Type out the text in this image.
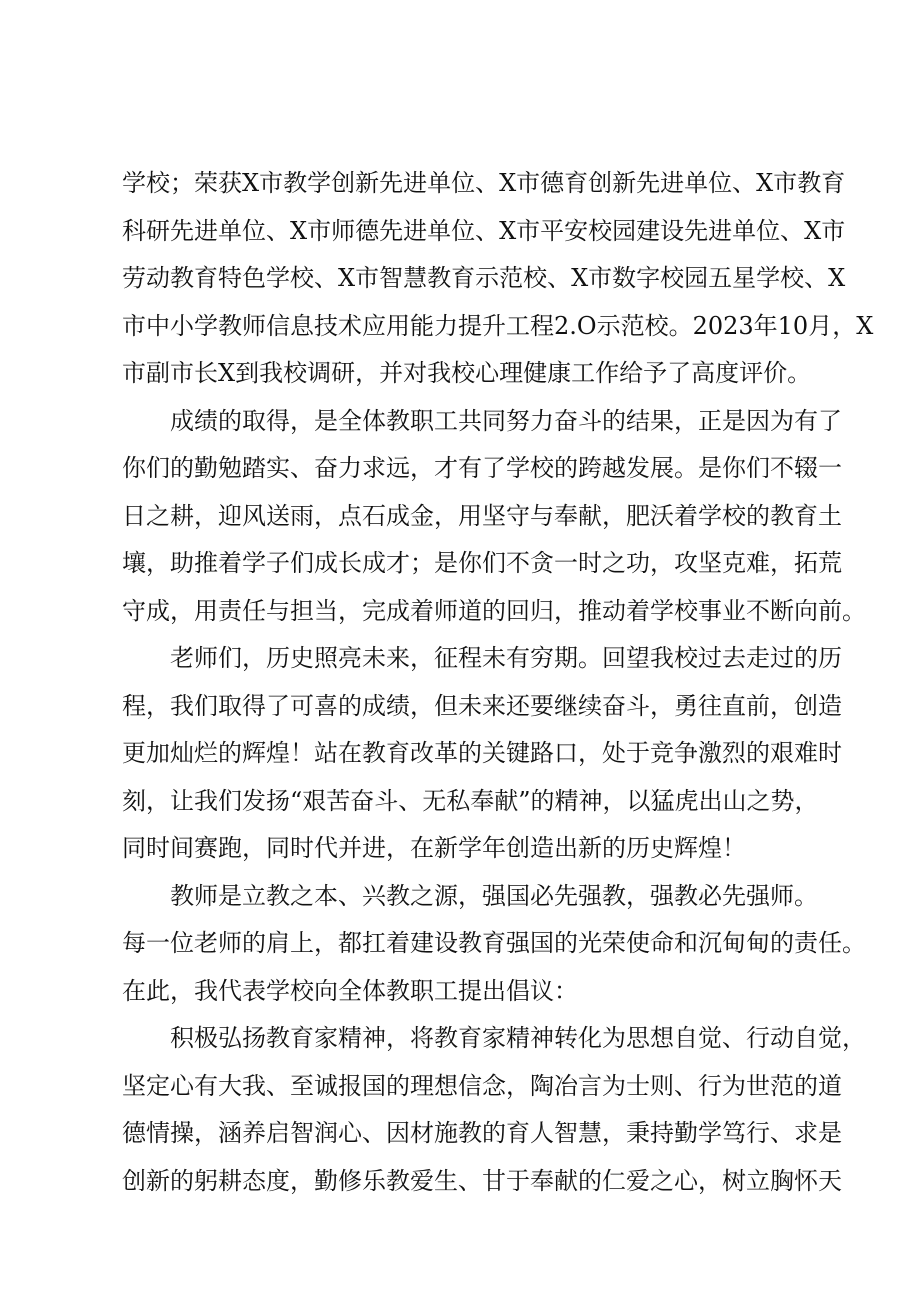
学校；荣获X市教学创新先进单位、X市德育创新先进单位、X市教育
科研先进单位、X市师德先进单位、X市平安校园建设先进单位、X市
劳动教育特色学校、X市智慧教育示范校、X市数字校园五星学校、X
市中小学教师信息技术应用能力提升工程2.O示范校。2023年10月，X
市副市长X到我校调研，并对我校心理健康工作给予了高度评价。
成绩的取得，是全体教职工共同努力奋斗的结果，正是因为有了
你们的勤勉踏实、奋力求远，才有了学校的跨越发展。是你们不辍一
日之耕，迎风送雨，点石成金，用坚守与奉献，肥沃着学校的教育土
壤，助推着学子们成长成才；是你们不贪一时之功，攻坚克难，拓荒
守成，用责任与担当，完成着师道的回归，推动着学校事业不断向前。
老师们，历史照亮未来，征程未有穷期。回望我校过去走过的历
程，我们取得了可喜的成绩，但未来还要继续奋斗，勇往直前，创造
更加灿烂的辉煌！站在教育改革的关键路口，处于竞争激烈的艰难时
刻，让我们发扬“艰苦奋斗、无私奉献”的精神，以猛虎出山之势，
同时间赛跑，同时代并进，在新学年创造出新的历史辉煌！
教师是立教之本、兴教之源，强国必先强教，强教必先强师。
每一位老师的肩上，都扛着建设教育强国的光荣使命和沉甸甸的责任。
在此，我代表学校向全体教职工提出倡议：
积极弘扬教育家精神，将教育家精神转化为思想自觉、行动自觉，
坚定心有大我、至诚报国的理想信念，陶冶言为士则、行为世范的道
德情操，涵养启智润心、因材施教的育人智慧，秉持勤学笃行、求是
创新的躬耕态度，勤修乐教爱生、甘于奉献的仁爱之心，树立胸怀天
